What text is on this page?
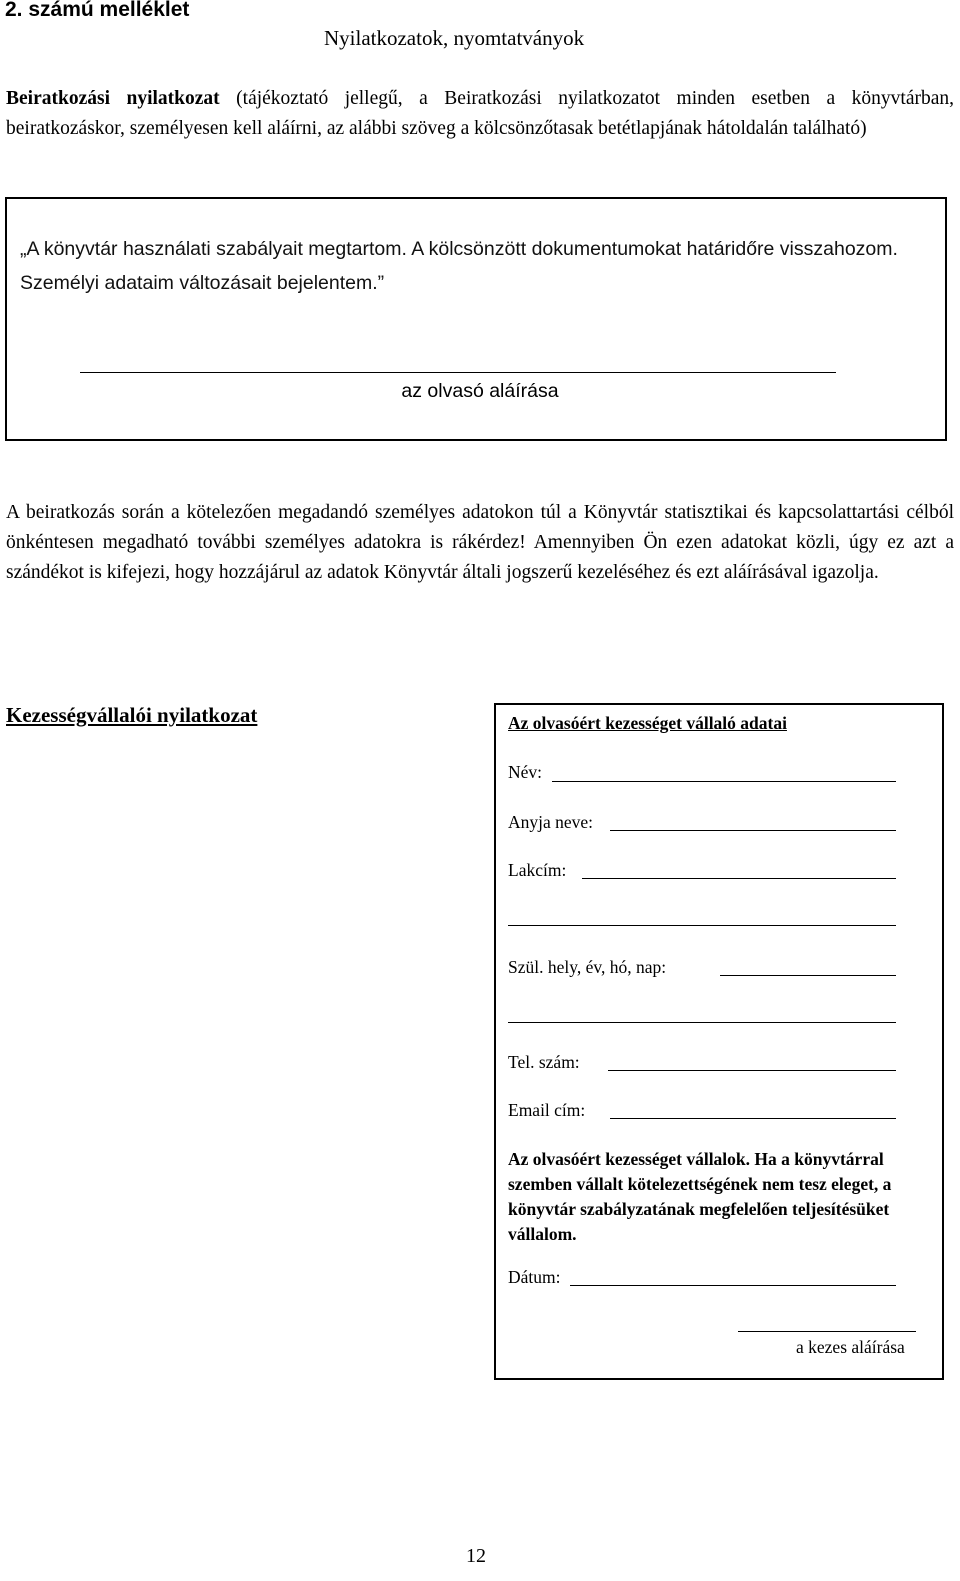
2. számú melléklet
Nyilatkozatok, nyomtatványok
Beiratkozási nyilatkozat (tájékoztató jellegű, a Beiratkozási nyilatkozatot minden esetben a könyvtárban, beiratkozáskor, személyesen kell aláírni, az alábbi szöveg a kölcsönzőtasak betétlapjának hátoldalán található)
„A könyvtár használati szabályait megtartom. A kölcsönzött dokumentumokat határidőre visszahozom. Személyi adataim változásait bejelentem.”
az olvasó aláírása
A beiratkozás során a kötelezően megadandó személyes adatokon túl a Könyvtár statisztikai és kapcsolattartási célból önkéntesen megadható további személyes adatokra is rákérdez! Amennyiben Ön ezen adatokat közli, úgy ez azt a szándékot is kifejezi, hogy hozzájárul az adatok Könyvtár általi jogszerű kezeléséhez és ezt aláírásával igazolja.
Kezességvállalói nyilatkozat	Az olvasóért kezességet vállaló adatai
Név:
Anyja neve:
Lakcím:
Szül. hely, év, hó, nap:
Tel. szám:
Email cím:
Az olvasóért kezességet vállalok. Ha a könyvtárral szemben vállalt kötelezettségének nem tesz eleget, a könyvtár szabályzatának megfelelően teljesítésüket vállalom.
Dátum:
a kezes aláírása
12
